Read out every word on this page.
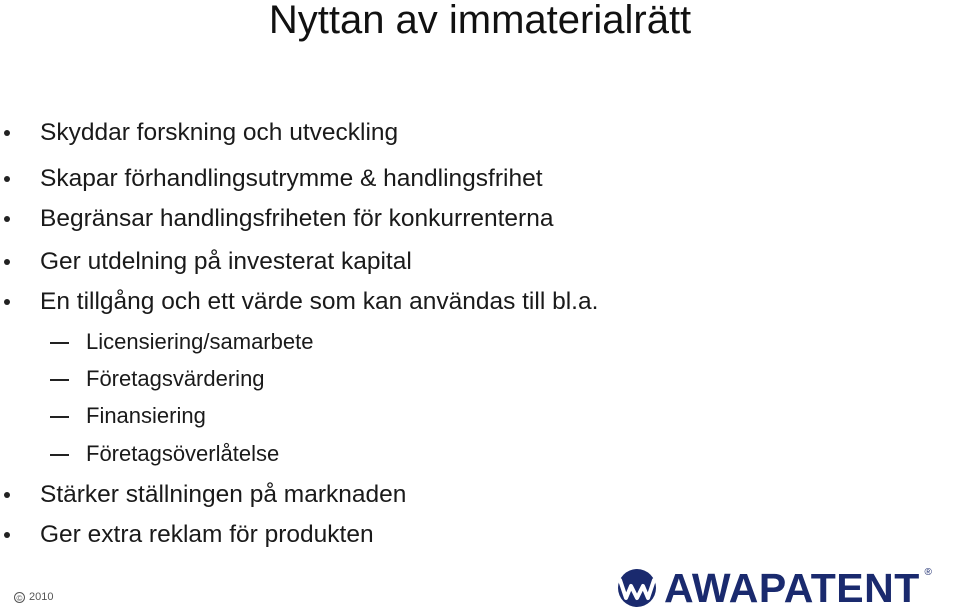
Nyttan av immaterialrätt
Skyddar forskning och utveckling
Skapar förhandlingsutrymme & handlingsfrihet
Begränsar handlingsfriheten för konkurrenterna
Ger utdelning på investerat kapital
En tillgång och ett värde som kan användas till bl.a.
Licensiering/samarbete
Företagsvärdering
Finansiering
Företagsöverlåtelse
Stärker ställningen på marknaden
Ger extra reklam för produkten
© 2010	AWAPATENT ®
